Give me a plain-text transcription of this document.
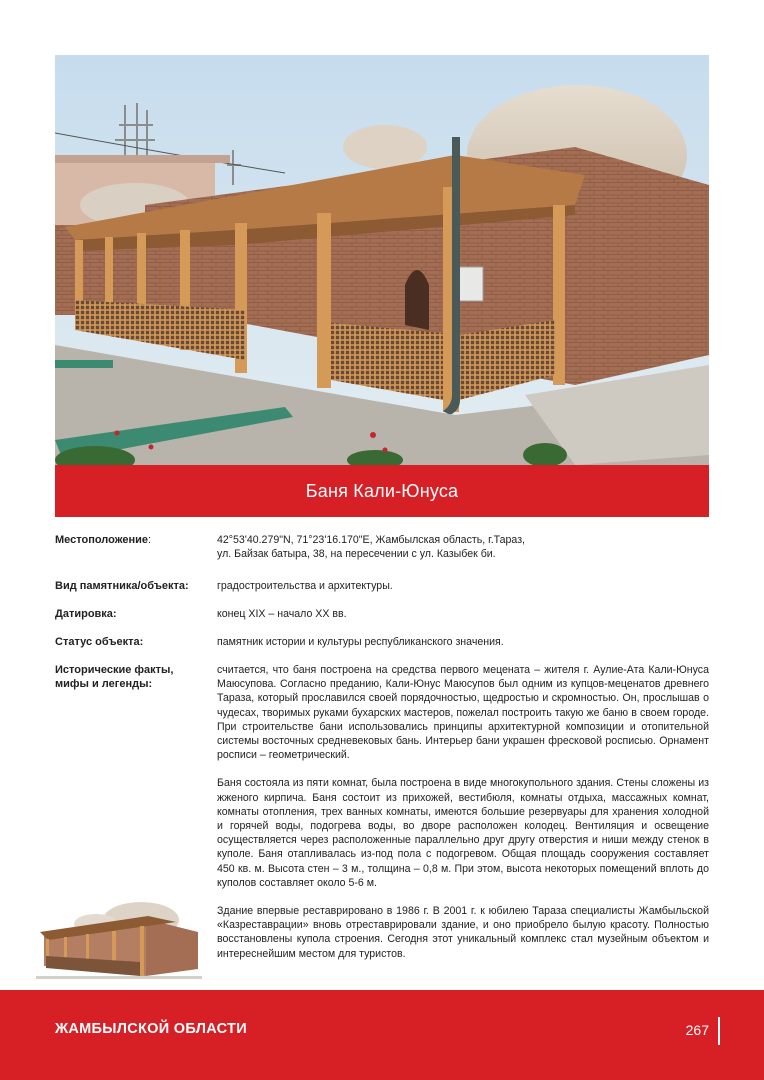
Баня Кали-Юнуса
Местоположение:	42°53'40.279"N, 71°23'16.170"E, Жамбылская область, г.Тараз,
ул. Байзак батыра, 38, на пересечении с ул. Казыбек би.
Вид памятника/объекта:	градостроительства и архитектуры.
Датировка:	конец XIX – начало XX вв.
Статус объекта:	памятник истории и культуры республиканского значения.
Исторические факты,
мифы и легенды:

считается, что баня построена на средства первого мецената – жителя г. Аулие-Ата Кали-Юнуса Маюсупова. Согласно преданию, Кали-Юнус Маюсупов был одним из купцов-меценатов древнего Тараза, который прославился своей порядочностью, щедростью и скромностью. Он, прослышав о чудесах, творимых руками бухарских мастеров, пожелал построить такую же баню в своем городе. При строительстве бани использовались принципы архитектурной композиции и отопительной системы восточных средневековых бань. Интерьер бани украшен фресковой росписью. Орнамент росписи – геометрический.

Баня состояла из пяти комнат, была построена в виде многокупольного здания. Стены сложены из жженого кирпича. Баня состоит из прихожей, вестибюля, комнаты отдыха, массажных комнат, комнаты отопления, трех ванных комнаты, имеются большие резервуары для хранения холодной и горячей воды, подогрева воды, во дворе расположен колодец. Вентиляция и освещение осуществляется через расположенные параллельно друг другу отверстия и ниши между стенок в куполе. Баня отапливалась из-под пола с подогревом. Общая площадь сооружения составляет 450 кв. м. Высота стен – 3 м., толщина – 0,8 м. При этом, высота некоторых помещений вплоть до куполов составляет около 5-6 м.

Здание впервые реставрировано в 1986 г. В 2001 г. к юбилею Тараза специалисты Жамбыльской «Казреставрации» вновь отреставрировали здание, и оно приобрело былую красоту. Полностью восстановлены купола строения. Сегодня этот уникальный комплекс стал музейным объектом и интереснейшим местом для туристов.

ЖАМБЫЛСКОЙ ОБЛАСТИ	267
